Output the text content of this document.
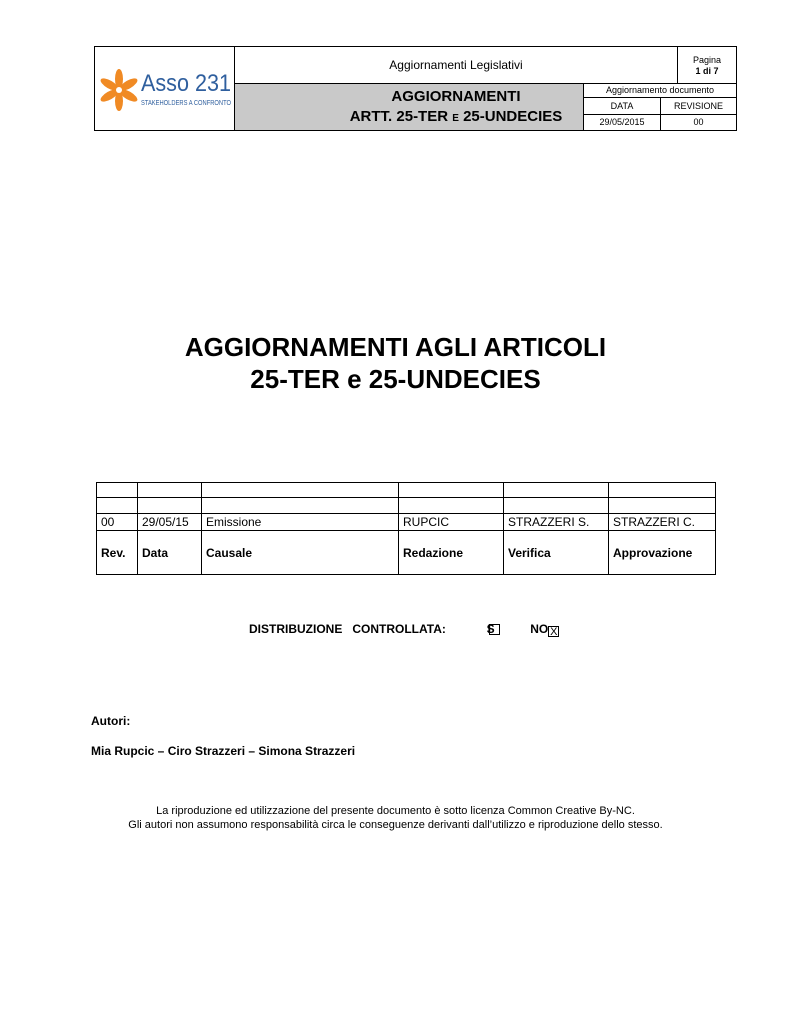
Asso 231
STAKEHOLDERS A CONFRONTO
Aggiornamenti Legislativi
AGGIORNAMENTI
ARTT. 25-TER E 25-UNDECIES
Pagina
1 di 7
Aggiornamento documento
DATA	REVISIONE
29/05/2015	00
AGGIORNAMENTI AGLI ARTICOLI
25-TER e 25-UNDECIES

00	29/05/15	Emissione	RUPCIC	STRAZZERI S.	STRAZZERI C.
Rev.	Data	Causale	Redazione	Verifica	Approvazione
DISTRIBUZIONE   CONTROLLATA:	NO X
Autori:
Mia Rupcic – Ciro Strazzeri – Simona Strazzeri
La riproduzione ed utilizzazione del presente documento è sotto licenza Common Creative By-NC.
Gli autori non assumono responsabilità circa le conseguenze derivanti dall’utilizzo e riproduzione dello stesso.
